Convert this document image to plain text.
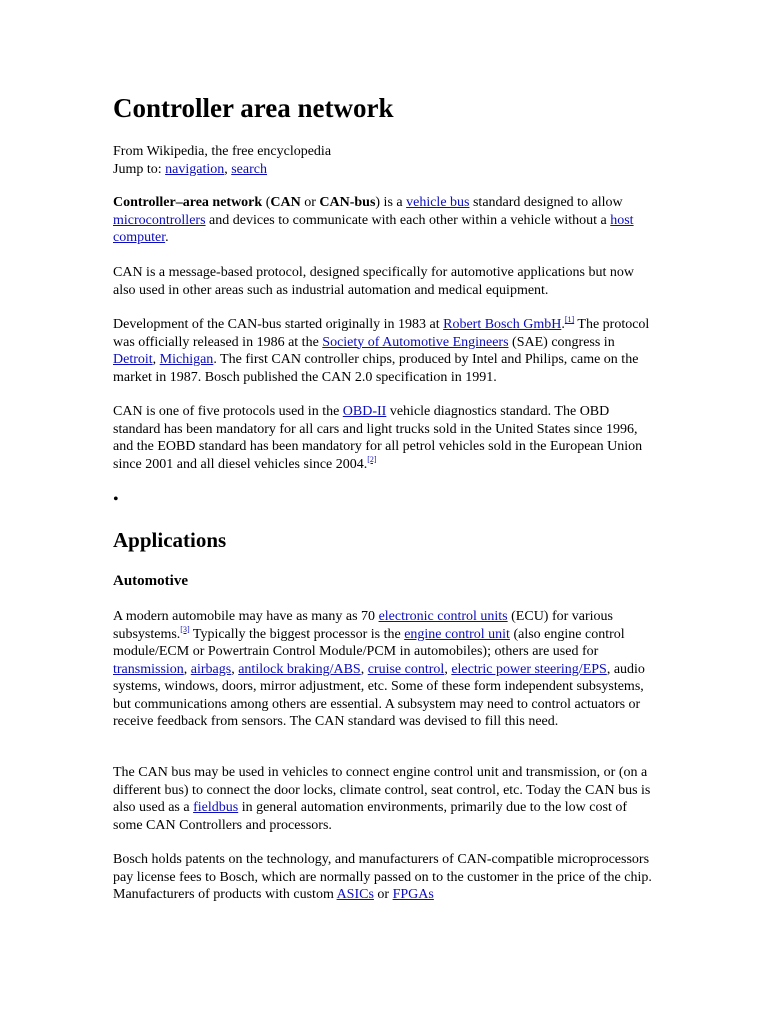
Controller area network

From Wikipedia, the free encyclopedia

Jump to: navigation, search

Controller–area network (CAN or CAN-bus) is a vehicle bus standard designed to allow microcontrollers and devices to communicate with each other within a vehicle without a host computer.

CAN is a message-based protocol, designed specifically for automotive applications but now also used in other areas such as industrial automation and medical equipment.

Development of the CAN-bus started originally in 1983 at Robert Bosch GmbH.[1] The protocol was officially released in 1986 at the Society of Automotive Engineers (SAE) congress in Detroit, Michigan. The first CAN controller chips, produced by Intel and Philips, came on the market in 1987. Bosch published the CAN 2.0 specification in 1991.

CAN is one of five protocols used in the OBD-II vehicle diagnostics standard. The OBD standard has been mandatory for all cars and light trucks sold in the United States since 1996, and the EOBD standard has been mandatory for all petrol vehicles sold in the European Union since 2001 and all diesel vehicles since 2004.[2]

•
Applications
Automotive

A modern automobile may have as many as 70 electronic control units (ECU) for various subsystems.[3] Typically the biggest processor is the engine control unit (also engine control module/ECM or Powertrain Control Module/PCM in automobiles); others are used for transmission, airbags, antilock braking/ABS, cruise control, electric power steering/EPS, audio systems, windows, doors, mirror adjustment, etc. Some of these form independent subsystems, but communications among others are essential. A subsystem may need to control actuators or receive feedback from sensors. The CAN standard was devised to fill this need.

The CAN bus may be used in vehicles to connect engine control unit and transmission, or (on a different bus) to connect the door locks, climate control, seat control, etc. Today the CAN bus is also used as a fieldbus in general automation environments, primarily due to the low cost of some CAN Controllers and processors.

Bosch holds patents on the technology, and manufacturers of CAN-compatible microprocessors pay license fees to Bosch, which are normally passed on to the customer in the price of the chip. Manufacturers of products with custom ASICs or FPGAs
